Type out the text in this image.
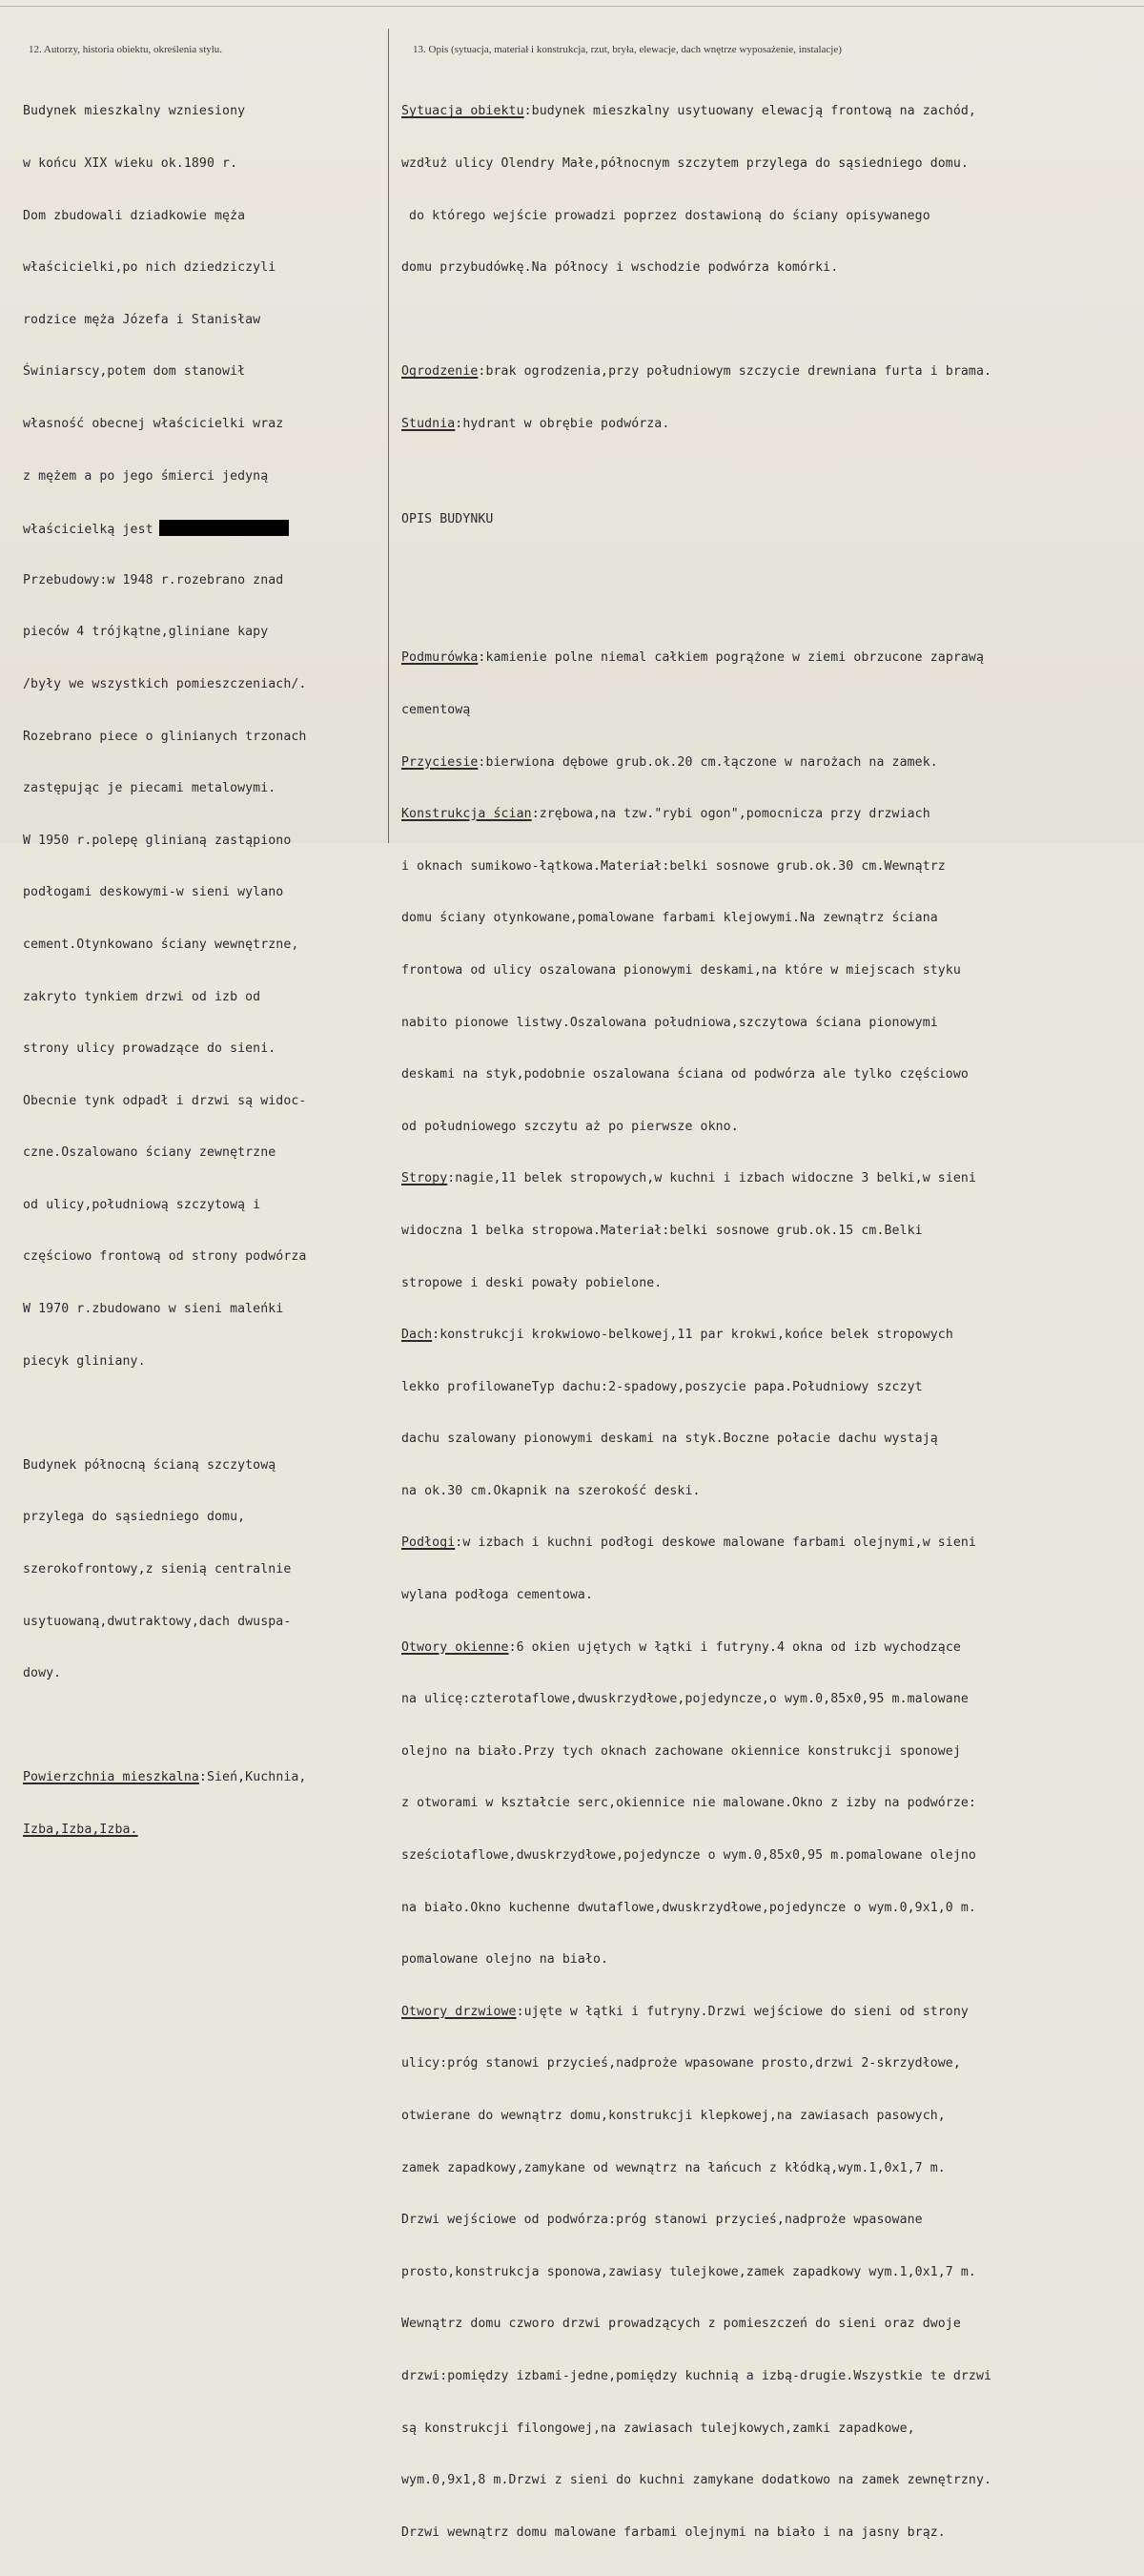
12. Autorzy, historia obiektu, określenia stylu.	13. Opis (sytuacja, materiał i konstrukcja, rzut, bryła, elewacje, dach wnętrze wyposażenie, instalacje)

Budynek mieszkalny wzniesiony

w końcu XIX wieku ok.1890 r.

Dom zbudowali dziadkowie męża

właścicielki,po nich dziedziczyli

rodzice męża Józefa i Stanisław

Świniarscy,potem dom stanowił

własność obecnej właścicielki wraz

z mężem a po jego śmierci jedyną

właścicielką jest

Przebudowy:w 1948 r.rozebrano znad

pieców 4 trójkątne,gliniane kapy

/były we wszystkich pomieszczeniach/.

Rozebrano piece o glinianych trzonach

zastępując je piecami metalowymi.

W 1950 r.polepę glinianą zastąpiono

podłogami deskowymi-w sieni wylano

cement.Otynkowano ściany wewnętrzne,

zakryto tynkiem drzwi od izb od

strony ulicy prowadzące do sieni.

Obecnie tynk odpadł i drzwi są widoc-

czne.Oszalowano ściany zewnętrzne

od ulicy,południową szczytową i

częściowo frontową od strony podwórza

W 1970 r.zbudowano w sieni maleńki

piecyk gliniany.

Budynek północną ścianą szczytową

przylega do sąsiedniego domu,

szerokofrontowy,z sienią centralnie

usytuowaną,dwutraktowy,dach dwuspa-

dowy.

Powierzchnia mieszkalna:Sień,Kuchnia,

Izba,Izba,Izba.

Sytuacja obiektu:budynek mieszkalny usytuowany elewacją frontową na zachód,

wzdłuż ulicy Olendry Małe,północnym szczytem przylega do sąsiedniego domu.

do którego wejście prowadzi poprzez dostawioną do ściany opisywanego

domu przybudówkę.Na północy i wschodzie podwórza komórki.

Ogrodzenie:brak ogrodzenia,przy południowym szczycie drewniana furta i brama.

Studnia:hydrant w obrębie podwórza.

OPIS BUDYNKU

Podmurówka:kamienie polne niemal całkiem pogrążone w ziemi obrzucone zaprawą

cementową

Przyciesie:bierwiona dębowe grub.ok.20 cm.łączone w narożach na zamek.

Konstrukcja ścian:zrębowa,na tzw."rybi ogon",pomocnicza przy drzwiach

i oknach sumikowo-łątkowa.Materiał:belki sosnowe grub.ok.30 cm.Wewnątrz

domu ściany otynkowane,pomalowane farbami klejowymi.Na zewnątrz ściana

frontowa od ulicy oszalowana pionowymi deskami,na które w miejscach styku

nabito pionowe listwy.Oszalowana południowa,szczytowa ściana pionowymi

deskami na styk,podobnie oszalowana ściana od podwórza ale tylko częściowo

od południowego szczytu aż po pierwsze okno.

Stropy:nagie,11 belek stropowych,w kuchni i izbach widoczne 3 belki,w sieni

widoczna 1 belka stropowa.Materiał:belki sosnowe grub.ok.15 cm.Belki

stropowe i deski powały pobielone.

Dach:konstrukcji krokwiowo-belkowej,11 par krokwi,końce belek stropowych

lekko profilowaneTyp dachu:2-spadowy,poszycie papa.Południowy szczyt

dachu szalowany pionowymi deskami na styk.Boczne połacie dachu wystają

na ok.30 cm.Okapnik na szerokość deski.

Podłogi:w izbach i kuchni podłogi deskowe malowane farbami olejnymi,w sieni

wylana podłoga cementowa.

Otwory okienne:6 okien ujętych w łątki i futryny.4 okna od izb wychodzące

na ulicę:czterotaflowe,dwuskrzydłowe,pojedyncze,o wym.0,85x0,95 m.malowane

olejno na biało.Przy tych oknach zachowane okiennice konstrukcji sponowej

z otworami w kształcie serc,okiennice nie malowane.Okno z izby na podwórze:

sześciotaflowe,dwuskrzydłowe,pojedyncze o wym.0,85x0,95 m.pomalowane olejno

na biało.Okno kuchenne dwutaflowe,dwuskrzydłowe,pojedyncze o wym.0,9x1,0 m.

pomalowane olejno na biało.

Otwory drzwiowe:ujęte w łątki i futryny.Drzwi wejściowe do sieni od strony

ulicy:próg stanowi przycieś,nadproże wpasowane prosto,drzwi 2-skrzydłowe,

otwierane do wewnątrz domu,konstrukcji klepkowej,na zawiasach pasowych,

zamek zapadkowy,zamykane od wewnątrz na łańcuch z kłódką,wym.1,0x1,7 m.

Drzwi wejściowe od podwórza:próg stanowi przycieś,nadproże wpasowane

prosto,konstrukcja sponowa,zawiasy tulejkowe,zamek zapadkowy wym.1,0x1,7 m.

Wewnątrz domu czworo drzwi prowadzących z pomieszczeń do sieni oraz dwoje

drzwi:pomiędzy izbami-jedne,pomiędzy kuchnią a izbą-drugie.Wszystkie te drzwi

są konstrukcji filongowej,na zawiasach tulejkowych,zamki zapadkowe,

wym.0,9x1,8 m.Drzwi z sieni do kuchni zamykane dodatkowo na zamek zewnętrzny.

Drzwi wewnątrz domu malowane farbami olejnymi na biało i na jasny brąz.
